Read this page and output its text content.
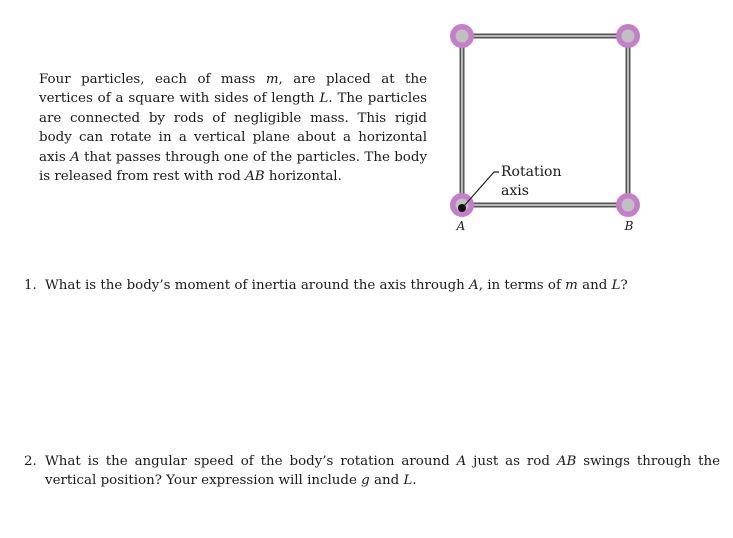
Four particles, each of mass m, are placed at the vertices of a square with sides of length L. The particles are connected by rods of negligible mass. This rigid body can rotate in a vertical plane about a horizontal axis A that passes through one of the particles. The body is released from rest with rod AB horizontal.	Rotation
axis
A	B
1. What is the body’s moment of inertia around the axis through A, in terms of m and L?
2. What is the angular speed of the body’s rotation around A just as rod AB swings through the vertical position? Your expression will include g and L.
